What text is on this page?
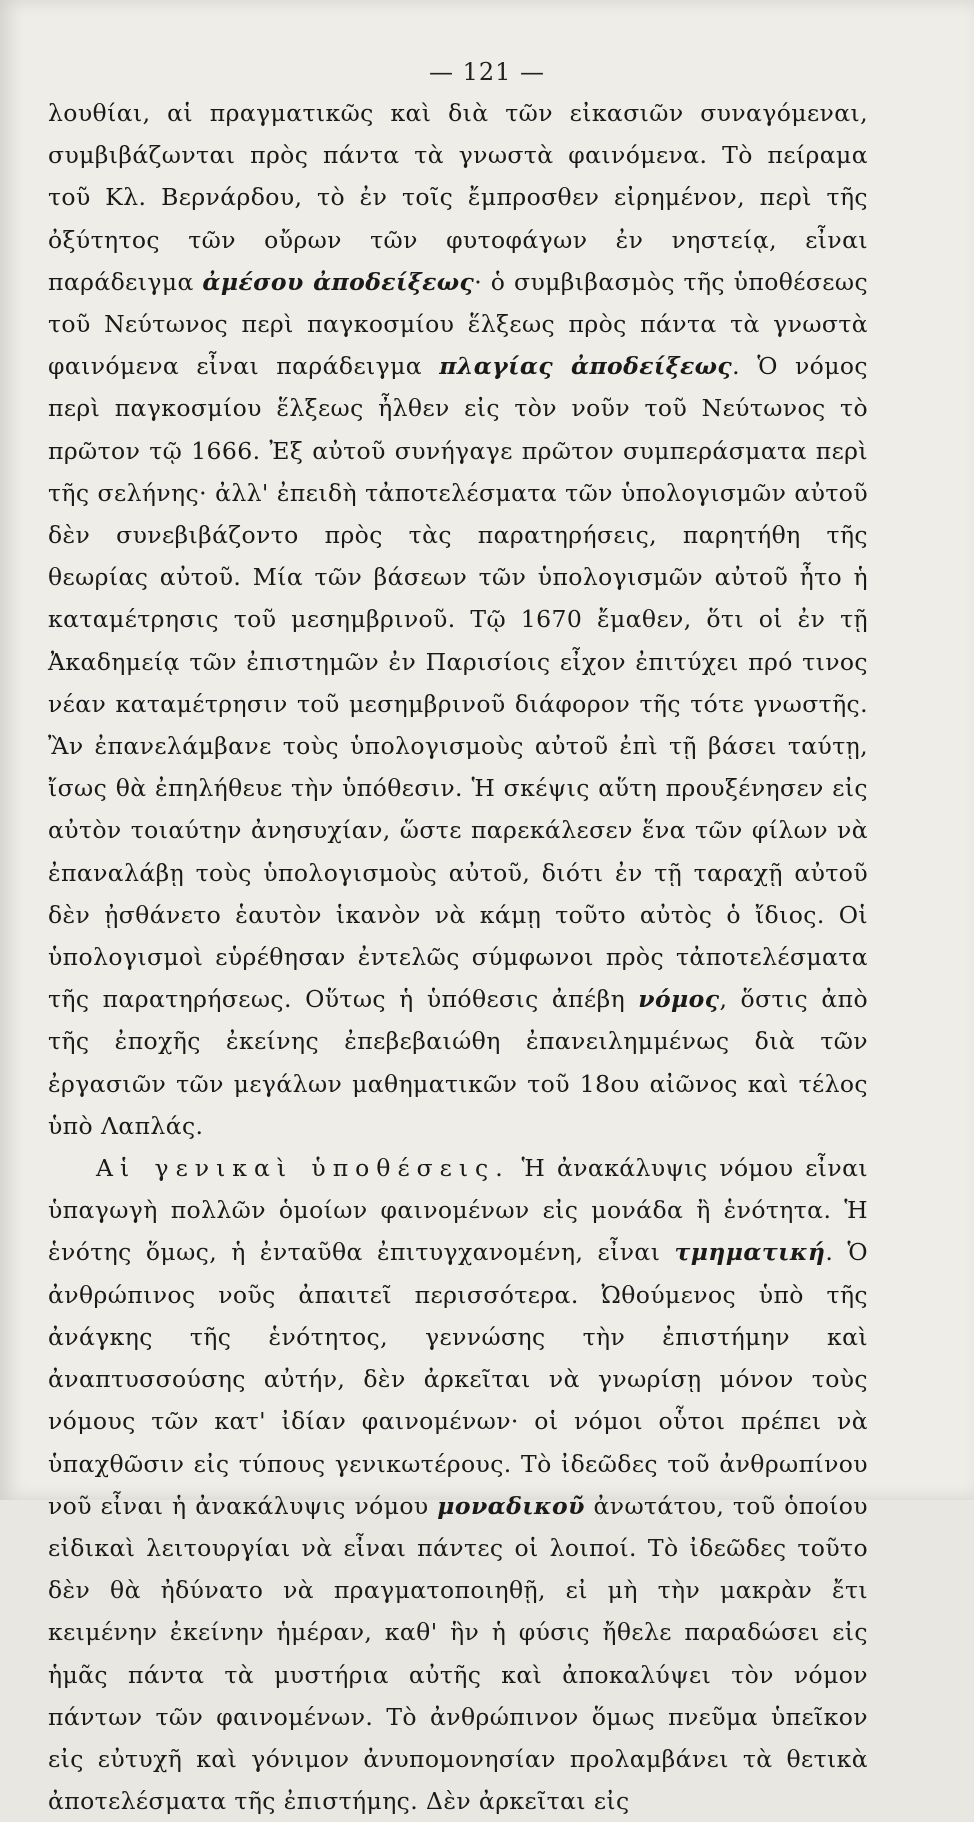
— 121 —

λουθίαι, αἱ πραγματικῶς καὶ διὰ τῶν εἰκασιῶν συναγόμεναι, συμβιβάζωνται πρὸς πάντα τὰ γνωστὰ φαινόμενα. Τὸ πείραμα τοῦ Κλ. Βερνάρδου, τὸ ἐν τοῖς ἔμπροσθεν εἰρημένον, περὶ τῆς ὀξύτητος τῶν οὔρων τῶν φυτοφάγων ἐν νηστείᾳ, εἶναι παράδειγμα ἀμέσου ἀποδείξεως· ὁ συμβιβασμὸς τῆς ὑποθέσεως τοῦ Νεύτωνος περὶ παγκοσμίου ἕλξεως πρὸς πάντα τὰ γνωστὰ φαινόμενα εἶναι παράδειγμα πλαγίας ἀποδείξεως. Ὁ νόμος περὶ παγκοσμίου ἕλξεως ἦλθεν εἰς τὸν νοῦν τοῦ Νεύτωνος τὸ πρῶτον τῷ 1666. Ἐξ αὐτοῦ συνήγαγε πρῶτον συμπεράσματα περὶ τῆς σελήνης· ἀλλ' ἐπειδὴ τἀποτελέσματα τῶν ὑπολογισμῶν αὐτοῦ δὲν συνεβιβάζοντο πρὸς τὰς παρατηρήσεις, παρητήθη τῆς θεωρίας αὐτοῦ. Μία τῶν βάσεων τῶν ὑπολογισμῶν αὐτοῦ ἦτο ἡ καταμέτρησις τοῦ μεσημβρινοῦ. Τῷ 1670 ἔμαθεν, ὅτι οἱ ἐν τῇ Ἀκαδημείᾳ τῶν ἐπιστημῶν ἐν Παρισίοις εἶχον ἐπιτύχει πρό τινος νέαν καταμέτρησιν τοῦ μεσημβρινοῦ διάφορον τῆς τότε γνωστῆς. Ἂν ἐπανελάμβανε τοὺς ὑπολογισμοὺς αὐτοῦ ἐπὶ τῇ βάσει ταύτῃ, ἴσως θὰ ἐπηλήθευε τὴν ὑπόθεσιν. Ἡ σκέψις αὕτη προυξένησεν εἰς αὐτὸν τοιαύτην ἀνησυχίαν, ὥστε παρεκάλεσεν ἕνα τῶν φίλων νὰ ἐπαναλάβῃ τοὺς ὑπολογισμοὺς αὐτοῦ, διότι ἐν τῇ ταραχῇ αὐτοῦ δὲν ᾐσθάνετο ἑαυτὸν ἱκανὸν νὰ κάμῃ τοῦτο αὐτὸς ὁ ἴδιος. Οἱ ὑπολογισμοὶ εὑρέθησαν ἐντελῶς σύμφωνοι πρὸς τἀποτελέσματα τῆς παρατηρήσεως. Οὕτως ἡ ὑπόθεσις ἀπέβη νόμος, ὅστις ἀπὸ τῆς ἐποχῆς ἐκείνης ἐπεβεβαιώθη ἐπανειλημμένως διὰ τῶν ἐργασιῶν τῶν μεγάλων μαθηματικῶν τοῦ 18ου αἰῶνος καὶ τέλος ὑπὸ Λαπλάς.

Αἱ γενικαὶ ὑποθέσεις. Ἡ ἀνακάλυψις νόμου εἶναι ὑπαγωγὴ πολλῶν ὁμοίων φαινομένων εἰς μονάδα ἢ ἑνότητα. Ἡ ἑνότης ὅμως, ἡ ἐνταῦθα ἐπιτυγχανομένη, εἶναι τμηματική. Ὁ ἀνθρώπινος νοῦς ἀπαιτεῖ περισσότερα. Ὠθούμενος ὑπὸ τῆς ἀνάγκης τῆς ἑνότητος, γεννώσης τὴν ἐπιστήμην καὶ ἀναπτυσσούσης αὐτήν, δὲν ἀρκεῖται νὰ γνωρίσῃ μόνον τοὺς νόμους τῶν κατ' ἰδίαν φαινομένων· οἱ νόμοι οὗτοι πρέπει νὰ ὑπαχθῶσιν εἰς τύπους γενικωτέρους. Τὸ ἰδεῶδες τοῦ ἀνθρωπίνου νοῦ εἶναι ἡ ἀνακάλυψις νόμου μοναδικοῦ ἀνωτάτου, τοῦ ὁποίου εἰδικαὶ λειτουργίαι νὰ εἶναι πάντες οἱ λοιποί. Τὸ ἰδεῶδες τοῦτο δὲν θὰ ἠδύνατο νὰ πραγματοποιηθῇ, εἰ μὴ τὴν μακρὰν ἔτι κειμένην ἐκείνην ἡμέραν, καθ' ἣν ἡ φύσις ἤθελε παραδώσει εἰς ἡμᾶς πάντα τὰ μυστήρια αὐτῆς καὶ ἀποκαλύψει τὸν νόμον πάντων τῶν φαινομένων. Τὸ ἀνθρώπινον ὅμως πνεῦμα ὑπεῖκον εἰς εὐτυχῆ καὶ γόνιμον ἀνυπομονησίαν προλαμβάνει τὰ θετικὰ ἀποτελέσματα τῆς ἐπιστήμης. Δὲν ἀρκεῖται εἰς
